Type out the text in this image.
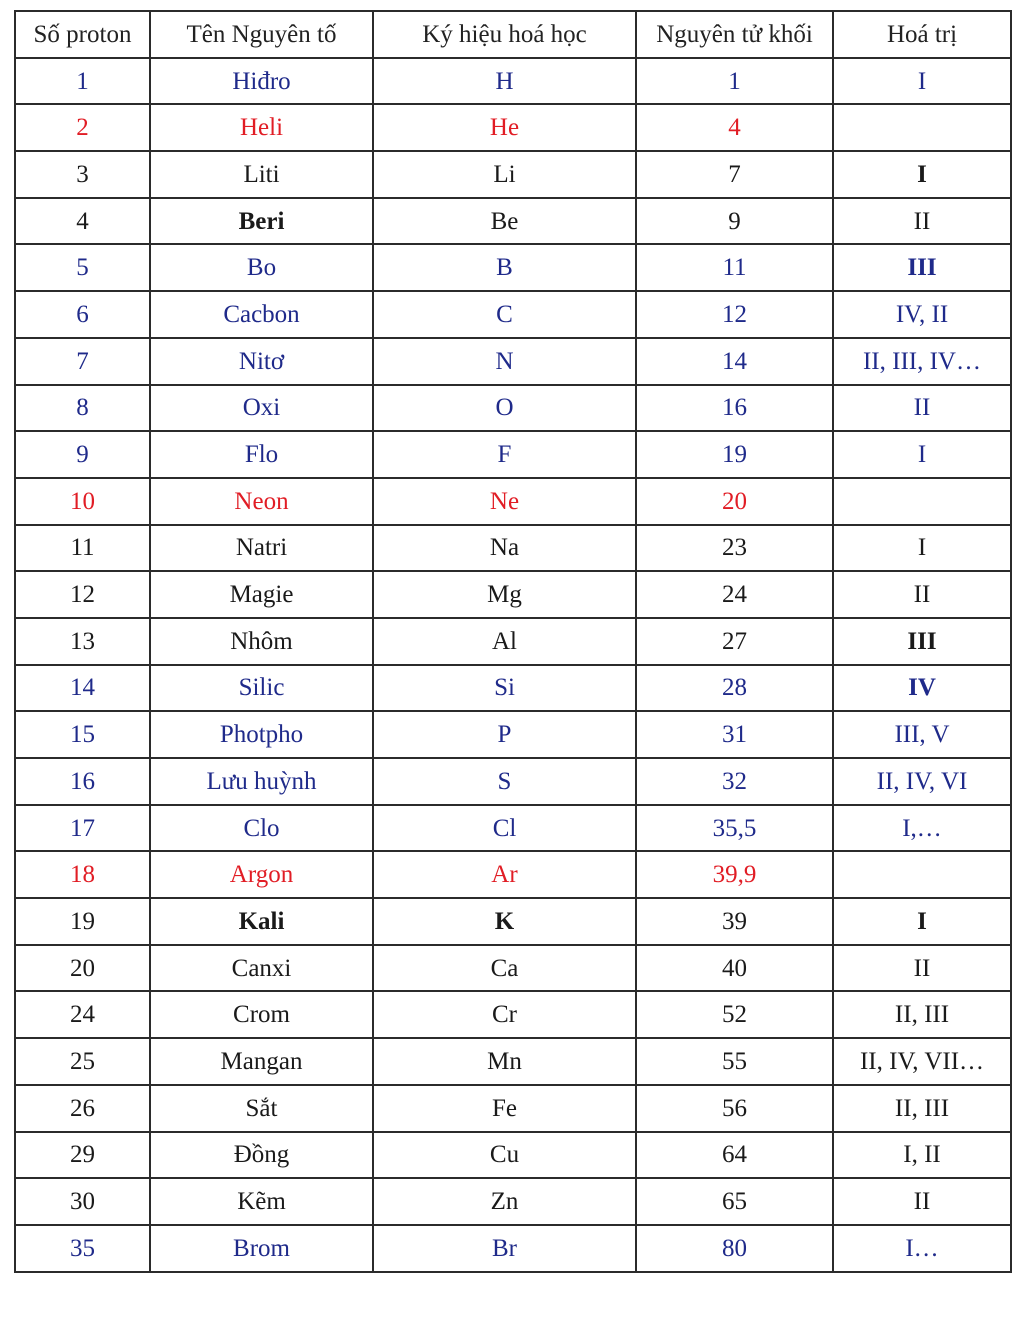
Số proton	Tên Nguyên tố	Ký hiệu hoá học	Nguyên tử khối	Hoá trị
1	Hiđro	H	1	I
2	Heli	He	4	
3	Liti	Li	7	I
4	Beri	Be	9	II
5	Bo	B	11	III
6	Cacbon	C	12	IV, II
7	Nitơ	N	14	II, III, IV…
8	Oxi	O	16	II
9	Flo	F	19	I
10	Neon	Ne	20	
11	Natri	Na	23	I
12	Magie	Mg	24	II
13	Nhôm	Al	27	III
14	Silic	Si	28	IV
15	Photpho	P	31	III, V
16	Lưu huỳnh	S	32	II, IV, VI
17	Clo	Cl	35,5	I,…
18	Argon	Ar	39,9	
19	Kali	K	39	I
20	Canxi	Ca	40	II
24	Crom	Cr	52	II, III
25	Mangan	Mn	55	II, IV, VII…
26	Sắt	Fe	56	II, III
29	Đồng	Cu	64	I, II
30	Kẽm	Zn	65	II
35	Brom	Br	80	I…
